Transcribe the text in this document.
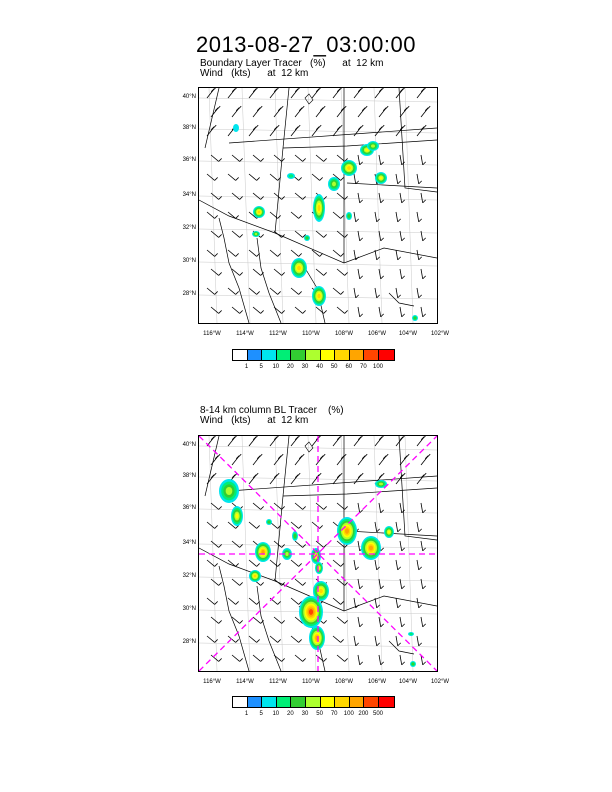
2013-08-27_03:00:00
Boundary Layer Tracer   (%)      at  12 km
Wind   (kts)      at  12 km
40°N
38°N
36°N
34°N
32°N
30°N
28°N
116°W	114°W	112°W	110°W	108°W	106°W	104°W	102°W
1	5	10	20	30	40	50	60	70	100
8-14 km column BL Tracer    (%)
Wind   (kts)      at  12 km
40°N
38°N
36°N
34°N
32°N
30°N
28°N
116°W	114°W	112°W	110°W	108°W	106°W	104°W	102°W
1	5	10	20	30	50	70	100 200 500
